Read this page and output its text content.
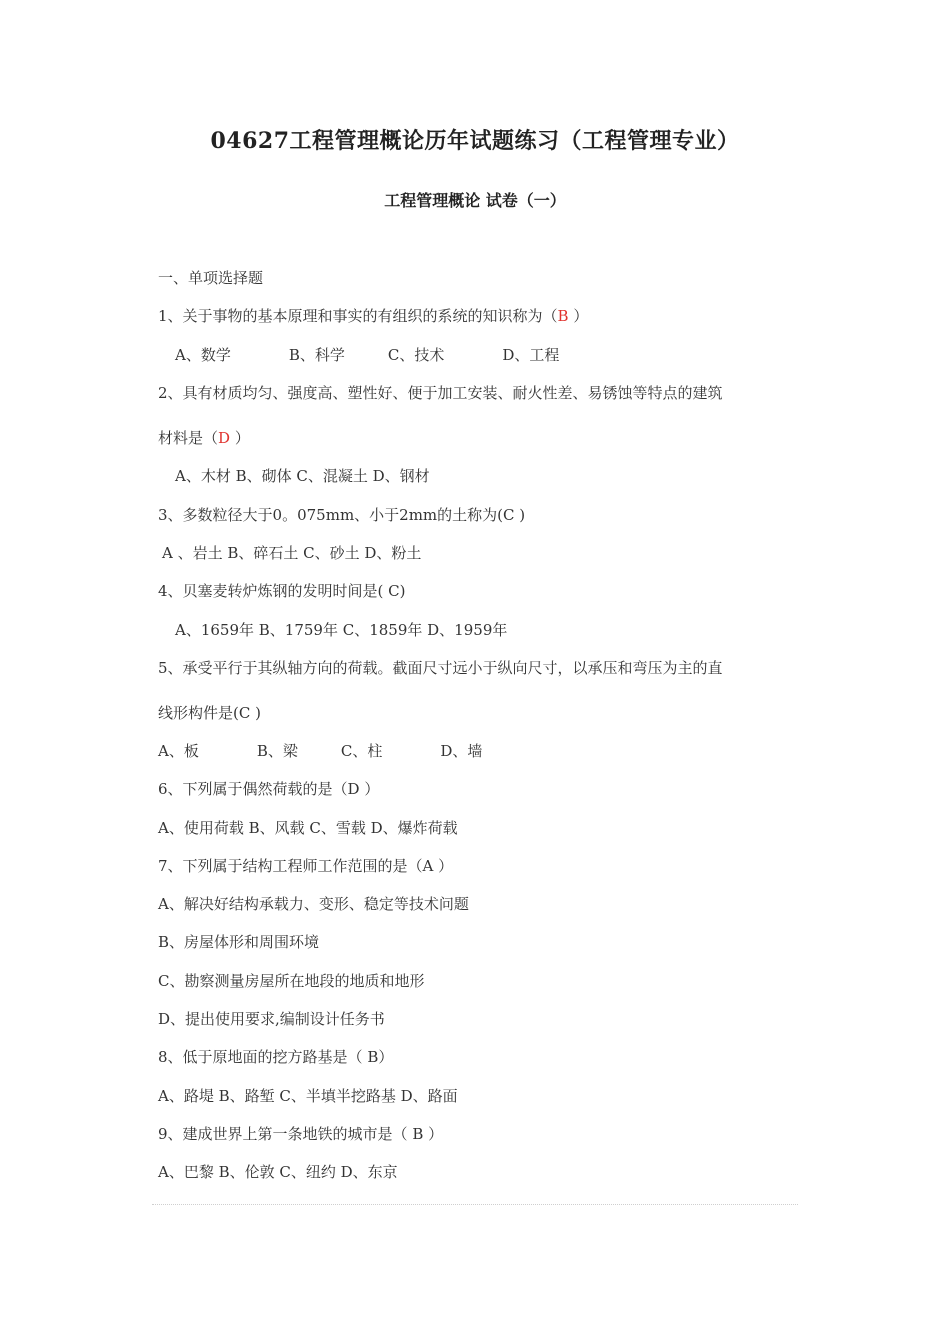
04627工程管理概论历年试题练习（工程管理专业）
工程管理概论 试卷（一）
一、单项选择题
1、关于事物的基本原理和事实的有组织的系统的知识称为（B ）
A、数学	B、科学	C、技术	D、工程
2、具有材质均匀、强度高、塑性好、便于加工安装、耐火性差、易锈蚀等特点的建筑
材料是（D ）
A、木材 B、砌体 C、混凝土 D、钢材
3、多数粒径大于0。075mm、小于2mm的土称为(C )
A 、岩土 B、碎石土 C、砂土 D、粉土
4、贝塞麦转炉炼钢的发明时间是( C)
A、1659年 B、1759年 C、1859年 D、1959年
5、承受平行于其纵轴方向的荷载。截面尺寸远小于纵向尺寸，以承压和弯压为主的直
线形构件是(C )
A、板	B、梁	C、柱	D、墙
6、下列属于偶然荷载的是（D ）
A、使用荷载 B、风载 C、雪载 D、爆炸荷载
7、下列属于结构工程师工作范围的是（A ）
A、解决好结构承载力、变形、稳定等技术问题
B、房屋体形和周围环境
C、勘察测量房屋所在地段的地质和地形
D、提出使用要求,编制设计任务书
8、低于原地面的挖方路基是（ B）
A、路堤 B、路堑 C、半填半挖路基 D、路面
9、建成世界上第一条地铁的城市是（ B ）
A、巴黎 B、伦敦 C、纽约 D、东京
